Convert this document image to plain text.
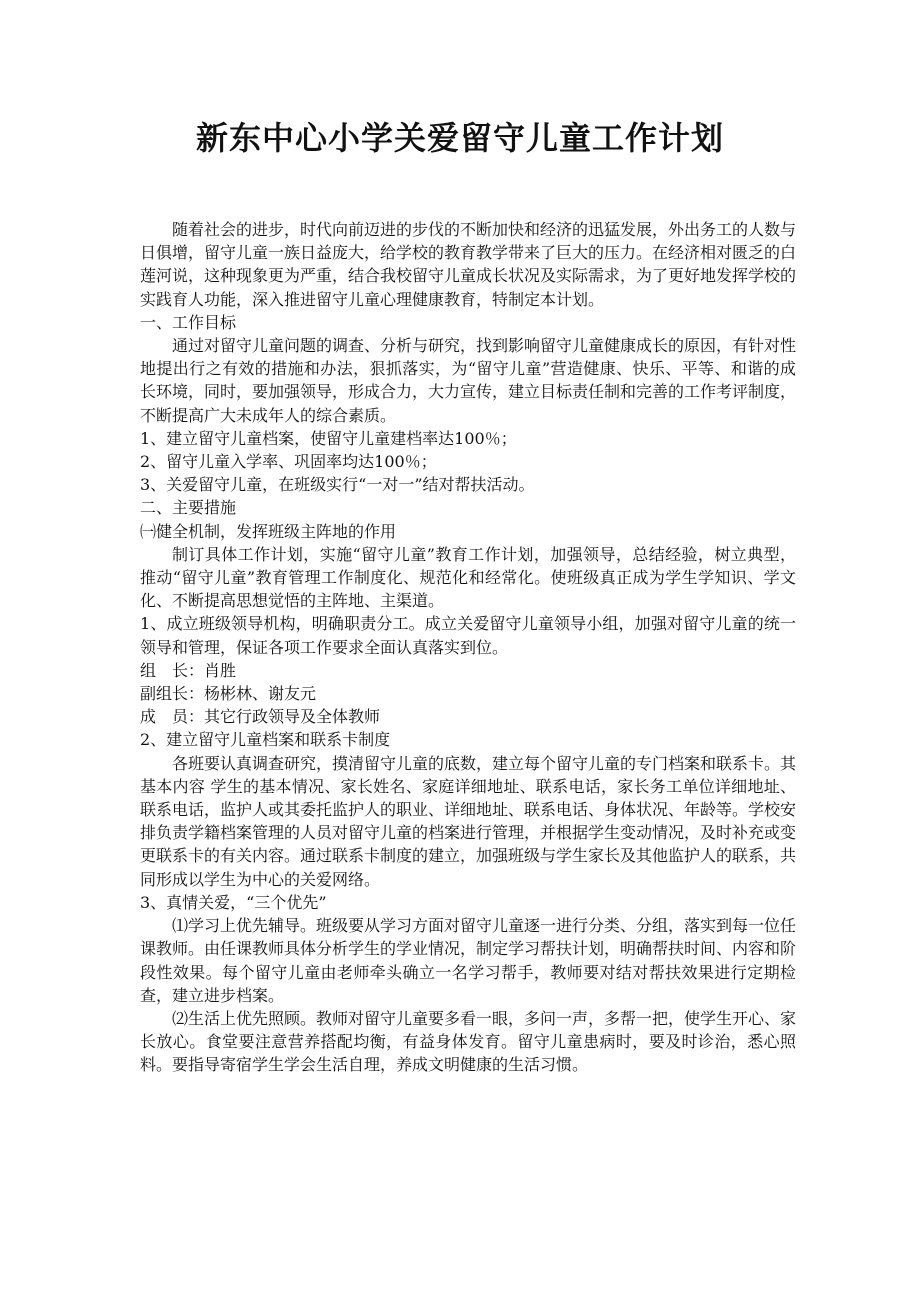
新东中心小学关爱留守儿童工作计划

随着社会的进步，时代向前迈进的步伐的不断加快和经济的迅猛发展，外出务工的人数与日俱增，留守儿童一族日益庞大，给学校的教育教学带来了巨大的压力。在经济相对匮乏的白莲河说，这种现象更为严重，结合我校留守儿童成长状况及实际需求，为了更好地发挥学校的实践育人功能，深入推进留守儿童心理健康教育，特制定本计划。

一、工作目标

通过对留守儿童问题的调查、分析与研究，找到影响留守儿童健康成长的原因，有针对性地提出行之有效的措施和办法，狠抓落实，为“留守儿童”营造健康、快乐、平等、和谐的成长环境，同时，要加强领导，形成合力，大力宣传，建立目标责任制和完善的工作考评制度，不断提高广大未成年人的综合素质。

1、建立留守儿童档案，使留守儿童建档率达100％；

2、留守儿童入学率、巩固率均达100％；

3、关爱留守儿童，在班级实行“一对一”结对帮扶活动。

二、主要措施

㈠健全机制，发挥班级主阵地的作用

制订具体工作计划，实施“留守儿童”教育工作计划，加强领导，总结经验，树立典型，推动“留守儿童”教育管理工作制度化、规范化和经常化。使班级真正成为学生学知识、学文化、不断提高思想觉悟的主阵地、主渠道。

1、成立班级领导机构，明确职责分工。成立关爱留守儿童领导小组，加强对留守儿童的统一领导和管理，保证各项工作要求全面认真落实到位。

组　长：肖胜

副组长：杨彬林、谢友元

成　员：其它行政领导及全体教师

2、建立留守儿童档案和联系卡制度

各班要认真调查研究，摸清留守儿童的底数，建立每个留守儿童的专门档案和联系卡。其基本内容 学生的基本情况、家长姓名、家庭详细地址、联系电话，家长务工单位详细地址、联系电话，监护人或其委托监护人的职业、详细地址、联系电话、身体状况、年龄等。学校安排负责学籍档案管理的人员对留守儿童的档案进行管理，并根据学生变动情况，及时补充或变更联系卡的有关内容。通过联系卡制度的建立，加强班级与学生家长及其他监护人的联系，共同形成以学生为中心的关爱网络。

3、真情关爱，“三个优先”

⑴学习上优先辅导。班级要从学习方面对留守儿童逐一进行分类、分组，落实到每一位任课教师。由任课教师具体分析学生的学业情况，制定学习帮扶计划，明确帮扶时间、内容和阶段性效果。每个留守儿童由老师牵头确立一名学习帮手，教师要对结对帮扶效果进行定期检查，建立进步档案。

⑵生活上优先照顾。教师对留守儿童要多看一眼，多问一声，多帮一把，使学生开心、家长放心。食堂要注意营养搭配均衡，有益身体发育。留守儿童患病时，要及时诊治，悉心照料。要指导寄宿学生学会生活自理，养成文明健康的生活习惯。
